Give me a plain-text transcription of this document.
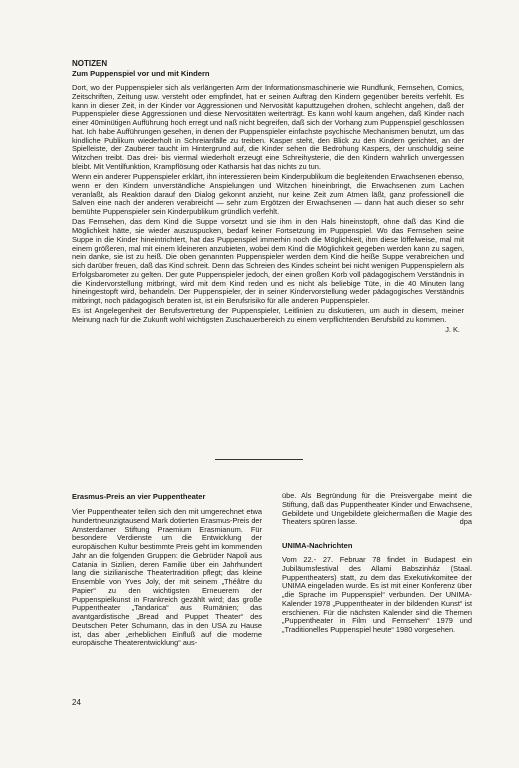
NOTIZEN

Zum Puppenspiel vor und mit Kindern

Dort, wo der Puppenspieler sich als verlängerten Arm der Informationsmaschinerie wie Rundfunk, Fernsehen, Comics, Zeitschriften, Zeitung usw. versteht oder empfindet, hat er seinen Auftrag den Kindern gegenüber bereits verfehlt. Es kann in dieser Zeit, in der Kinder vor Aggressionen und Nervosität kaputtzugehen drohen, schlecht angehen, daß der Puppenspieler diese Aggressionen und diese Nervositäten weiterträgt. Es kann wohl kaum angehen, daß Kinder nach einer 40minütigen Aufführung hoch erregt und naß nicht begreifen, daß sich der Vorhang zum Puppenspiel geschlossen hat. Ich habe Aufführungen gesehen, in denen der Puppenspieler einfachste psychische Mechanismen benutzt, um das kindliche Publikum wiederholt in Schreianfälle zu treiben. Kasper steht, den Blick zu den Kindern gerichtet, an der Spielleiste, der Zauberer taucht im Hintergrund auf, die Kinder sehen die Bedrohung Kaspers, der unschuldig seine Witzchen treibt. Das drei- bis viermal wiederholt erzeugt eine Schreihysterie, die den Kindern wahrlich unvergessen bleibt. Mit Ventilfunktion, Krampflösung oder Katharsis hat das nichts zu tun.

Wenn ein anderer Puppenspieler erklärt, ihn interessieren beim Kinderpublikum die begleitenden Erwachsenen ebenso, wenn er den Kindern unverständliche Anspielungen und Witzchen hineinbringt, die Erwachsenen zum Lachen veranlaßt, als Reaktion darauf den Dialog gekonnt anzieht, nur keine Zeit zum Atmen läßt, ganz professionell die Salven eine nach der anderen verabreicht — sehr zum Ergötzen der Erwachsenen — dann hat auch dieser so sehr bemühte Puppenspieler sein Kinderpublikum gründlich verfehlt.

Das Fernsehen, das dem Kind die Suppe vorsetzt und sie ihm in den Hals hineinstopft, ohne daß das Kind die Möglichkeit hätte, sie wieder auszuspucken, bedarf keiner Fortsetzung im Puppenspiel. Wo das Fernsehen seine Suppe in die Kinder hineintrichtert, hat das Puppenspiel immerhin noch die Möglichkeit, ihm diese löffelweise, mal mit einem größeren, mal mit einem kleineren anzubieten, wobei dem Kind die Möglichkeit gegeben werden kann zu sagen, nein danke, sie ist zu heiß. Die oben genannten Puppenspieler werden dem Kind die heiße Suppe verabreichen und sich darüber freuen, daß das Kind schreit. Denn das Schreien des Kindes scheint bei nicht wenigen Puppenspielern als Erfolgsbarometer zu gelten. Der gute Puppenspieler jedoch, der einen großen Korb voll pädagogischem Verständnis in die Kindervorstellung mitbringt, wird mit dem Kind reden und es nicht als beliebige Tüte, in die 40 Minuten lang hineingestopft wird, behandeln. Der Puppenspieler, der in seiner Kindervorstellung weder pädagogisches Verständnis mitbringt, noch pädagogisch beraten ist, ist ein Berufsrisiko für alle anderen Puppenspieler.

Es ist Angelegenheit der Berufsvertretung der Puppenspieler, Leitlinien zu diskutieren, um auch in diesem, meiner Meinung nach für die Zukunft wohl wichtigsten Zuschauerbereich zu einem verpflichtenden Berufsbild zu kommen.

J. K.

Erasmus-Preis an vier Puppentheater

Vier Puppentheater teilen sich den mit umgerechnet etwa hundertneunzigtausend Mark dotierten Erasmus-Preis der Amsterdamer Stiftung Praemium Erasmianum. Für besondere Verdienste um die Entwicklung der europäischen Kultur bestimmte Preis geht im kommenden Jahr an die folgenden Gruppen: die Gebrüder Napoli aus Catania in Sizilien, deren Familie über ein Jahrhundert lang die sizilianische Theatertradition pflegt; das kleine Ensemble von Yves Joly, der mit seinem „Théâtre du Papier“ zu den wichtigsten Erneuerern der Puppenspielkunst in Frankreich gezählt wird; das große Puppentheater „Tandarica“ aus Rumänien; das avantgardistische „Bread and Puppet Theater“ des Deutschen Peter Schumann, das in den USA zu Hause ist, das aber „erheblichen Einfluß auf die moderne europäische Theaterentwicklung“ aus-

übe. Als Begründung für die Preisvergabe meint die Stiftung, daß das Puppentheater Kinder und Erwachsene, Gebildete und Ungebildete gleichermaßen die Magie des Theaters spüren lasse.	dpa

UNIMA-Nachrichten

Vom 22.- 27. Februar 78 findet in Budapest ein Jubiläumsfestival des Allami Babszinház (Staal. Puppentheaters) statt, zu dem das Exekutivkomitee der UNIMA eingeladen wurde. Es ist mit einer Konferenz über „die Sprache im Puppenspiel“ verbunden. Der UNIMA-Kalender 1978 „Puppentheater in der bildenden Kunst“ ist erschienen. Für die nächsten Kalender sind die Themen „Puppentheater in Film und Fernsehen“ 1979 und „Traditionelles Puppenspiel heute“ 1980 vorgesehen.

24
